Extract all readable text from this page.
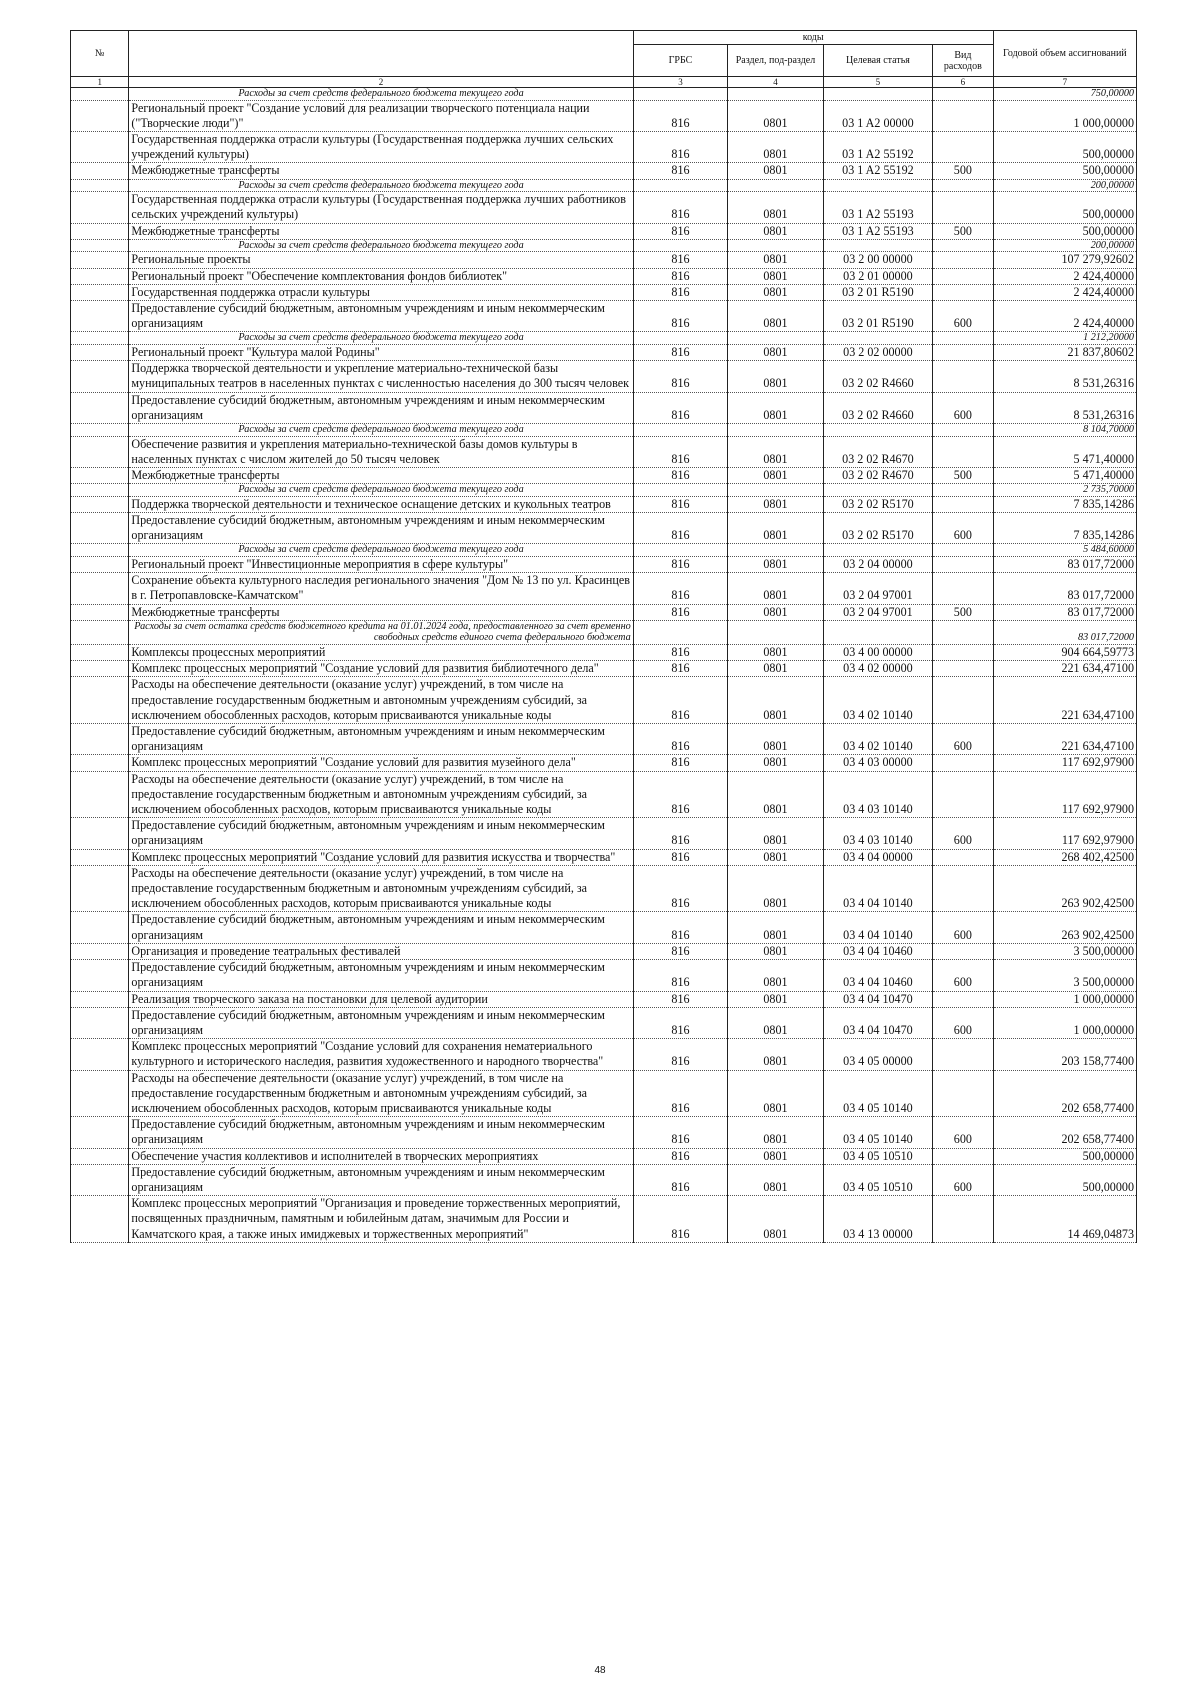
№		коды				Годовой объем ассигнований
		ГРБС	Раздел, под-раздел	Целевая статья	Вид расходов	
1	2	3	4	5	6	7
	Расходы за счет средств федерального бюджета текущего года					750,00000
	Региональный проект "Создание условий для реализации творческого потенциала нации ("Творческие люди")"	816	0801	03 1 A2 00000		1 000,00000
	Государственная поддержка отрасли культуры (Государственная поддержка лучших сельских учреждений культуры)	816	0801	03 1 A2 55192		500,00000
	Межбюджетные трансферты	816	0801	03 1 A2 55192	500	500,00000
	Расходы за счет средств федерального бюджета текущего года					200,00000
	Государственная поддержка отрасли культуры (Государственная поддержка лучших работников сельских учреждений культуры)	816	0801	03 1 A2 55193		500,00000
	Межбюджетные трансферты	816	0801	03 1 A2 55193	500	500,00000
	Расходы за счет средств федерального бюджета текущего года					200,00000
	Региональные проекты	816	0801	03 2 00 00000		107 279,92602
	Региональный проект "Обеспечение комплектования фондов библиотек"	816	0801	03 2 01 00000		2 424,40000
	Государственная поддержка отрасли культуры	816	0801	03 2 01 R5190		2 424,40000
	Предоставление субсидий бюджетным, автономным учреждениям и иным некоммерческим организациям	816	0801	03 2 01 R5190	600	2 424,40000
	Расходы за счет средств федерального бюджета текущего года					1 212,20000
	Региональный проект "Культура малой Родины"	816	0801	03 2 02 00000		21 837,80602
	Поддержка творческой деятельности и укрепление материально-технической базы муниципальных театров в населенных пунктах с численностью населения до 300 тысяч человек	816	0801	03 2 02 R4660		8 531,26316
	Предоставление субсидий бюджетным, автономным учреждениям и иным некоммерческим организациям	816	0801	03 2 02 R4660	600	8 531,26316
	Расходы за счет средств федерального бюджета текущего года					8 104,70000
	Обеспечение развития и укрепления материально-технической базы домов культуры в населенных пунктах с числом жителей до 50 тысяч человек	816	0801	03 2 02 R4670		5 471,40000
	Межбюджетные трансферты	816	0801	03 2 02 R4670	500	5 471,40000
	Расходы за счет средств федерального бюджета текущего года					2 735,70000
	Поддержка творческой деятельности и техническое оснащение детских и кукольных театров	816	0801	03 2 02 R5170		7 835,14286
	Предоставление субсидий бюджетным, автономным учреждениям и иным некоммерческим организациям	816	0801	03 2 02 R5170	600	7 835,14286
	Расходы за счет средств федерального бюджета текущего года					5 484,60000
	Региональный проект "Инвестиционные мероприятия в сфере культуры"	816	0801	03 2 04 00000		83 017,72000
	Сохранение объекта культурного наследия регионального значения "Дом № 13 по ул. Красинцев в г. Петропавловске-Камчатском"	816	0801	03 2 04 97001		83 017,72000
	Межбюджетные трансферты	816	0801	03 2 04 97001	500	83 017,72000
	Расходы за счет остатка средств бюджетного кредита на 01.01.2024 года, предоставленного за счет временно свободных средств единого счета федерального бюджета					83 017,72000
	Комплексы процессных мероприятий	816	0801	03 4 00 00000		904 664,59773
	Комплекс процессных мероприятий "Создание условий для развития библиотечного дела"	816	0801	03 4 02 00000		221 634,47100
	Расходы на обеспечение деятельности (оказание услуг) учреждений, в том числе на предоставление государственным бюджетным и автономным учреждениям субсидий, за исключением обособленных расходов, которым присваиваются уникальные коды	816	0801	03 4 02 10140		221 634,47100
	Предоставление субсидий бюджетным, автономным учреждениям и иным некоммерческим организациям	816	0801	03 4 02 10140	600	221 634,47100
	Комплекс процессных мероприятий "Создание условий для развития музейного дела"	816	0801	03 4 03 00000		117 692,97900
	Расходы на обеспечение деятельности (оказание услуг) учреждений, в том числе на предоставление государственным бюджетным и автономным учреждениям субсидий, за исключением обособленных расходов, которым присваиваются уникальные коды	816	0801	03 4 03 10140		117 692,97900
	Предоставление субсидий бюджетным, автономным учреждениям и иным некоммерческим организациям	816	0801	03 4 03 10140	600	117 692,97900
	Комплекс процессных мероприятий "Создание условий для развития искусства и творчества"	816	0801	03 4 04 00000		268 402,42500
	Расходы на обеспечение деятельности (оказание услуг) учреждений, в том числе на предоставление государственным бюджетным и автономным учреждениям субсидий, за исключением обособленных расходов, которым присваиваются уникальные коды	816	0801	03 4 04 10140		263 902,42500
	Предоставление субсидий бюджетным, автономным учреждениям и иным некоммерческим организациям	816	0801	03 4 04 10140	600	263 902,42500
	Организация и проведение театральных фестивалей	816	0801	03 4 04 10460		3 500,00000
	Предоставление субсидий бюджетным, автономным учреждениям и иным некоммерческим организациям	816	0801	03 4 04 10460	600	3 500,00000
	Реализация творческого заказа на постановки для целевой аудитории	816	0801	03 4 04 10470		1 000,00000
	Предоставление субсидий бюджетным, автономным учреждениям и иным некоммерческим организациям	816	0801	03 4 04 10470	600	1 000,00000
	Комплекс процессных мероприятий "Создание условий для сохранения нематериального культурного и исторического наследия, развития художественного и народного творчества"	816	0801	03 4 05 00000		203 158,77400
	Расходы на обеспечение деятельности (оказание услуг) учреждений, в том числе на предоставление государственным бюджетным и автономным учреждениям субсидий, за исключением обособленных расходов, которым присваиваются уникальные коды	816	0801	03 4 05 10140		202 658,77400
	Предоставление субсидий бюджетным, автономным учреждениям и иным некоммерческим организациям	816	0801	03 4 05 10140	600	202 658,77400
	Обеспечение участия коллективов и исполнителей в творческих мероприятиях	816	0801	03 4 05 10510		500,00000
	Предоставление субсидий бюджетным, автономным учреждениям и иным некоммерческим организациям	816	0801	03 4 05 10510	600	500,00000
	Комплекс процессных мероприятий "Организация и проведение торжественных мероприятий, посвященных праздничным, памятным и юбилейным датам, значимым для России и Камчатского края, а также иных имиджевых и торжественных мероприятий"	816	0801	03 4 13 00000		14 469,04873
48
